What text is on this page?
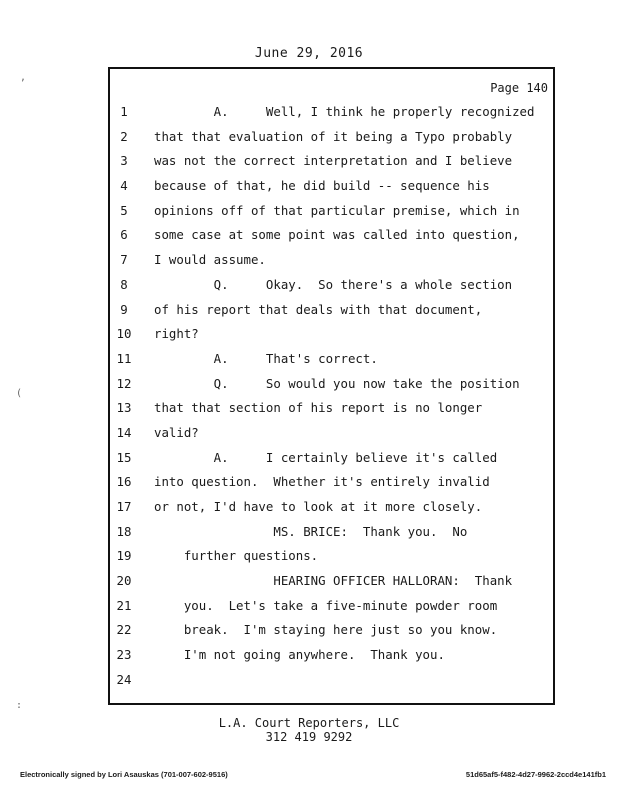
June 29, 2016
Page 140
1	A.     Well, I think he properly recognized
2	that that evaluation of it being a Typo probably
3	was not the correct interpretation and I believe
4	because of that, he did build -- sequence his
5	opinions off of that particular premise, which in
6	some case at some point was called into question,
7	I would assume.
8	Q.     Okay.  So there's a whole section
9	of his report that deals with that document,
10	right?
11	A.     That's correct.
12	Q.     So would you now take the position
13	that that section of his report is no longer
14	valid?
15	A.     I certainly believe it's called
16	into question.  Whether it's entirely invalid
17	or not, I'd have to look at it more closely.
18	MS. BRICE:  Thank you.  No
19	further questions.
20	HEARING OFFICER HALLORAN:  Thank
21	you.  Let's take a five-minute powder room
22	break.  I'm staying here just so you know.
23	I'm not going anywhere.  Thank you.
24
L.A. Court Reporters, LLC
312 419 9292
Electronically signed by Lori Asauskas (701-007-602-9516)	51d65af5-f482-4d27-9962-2ccd4e141fb1
,
(
:
